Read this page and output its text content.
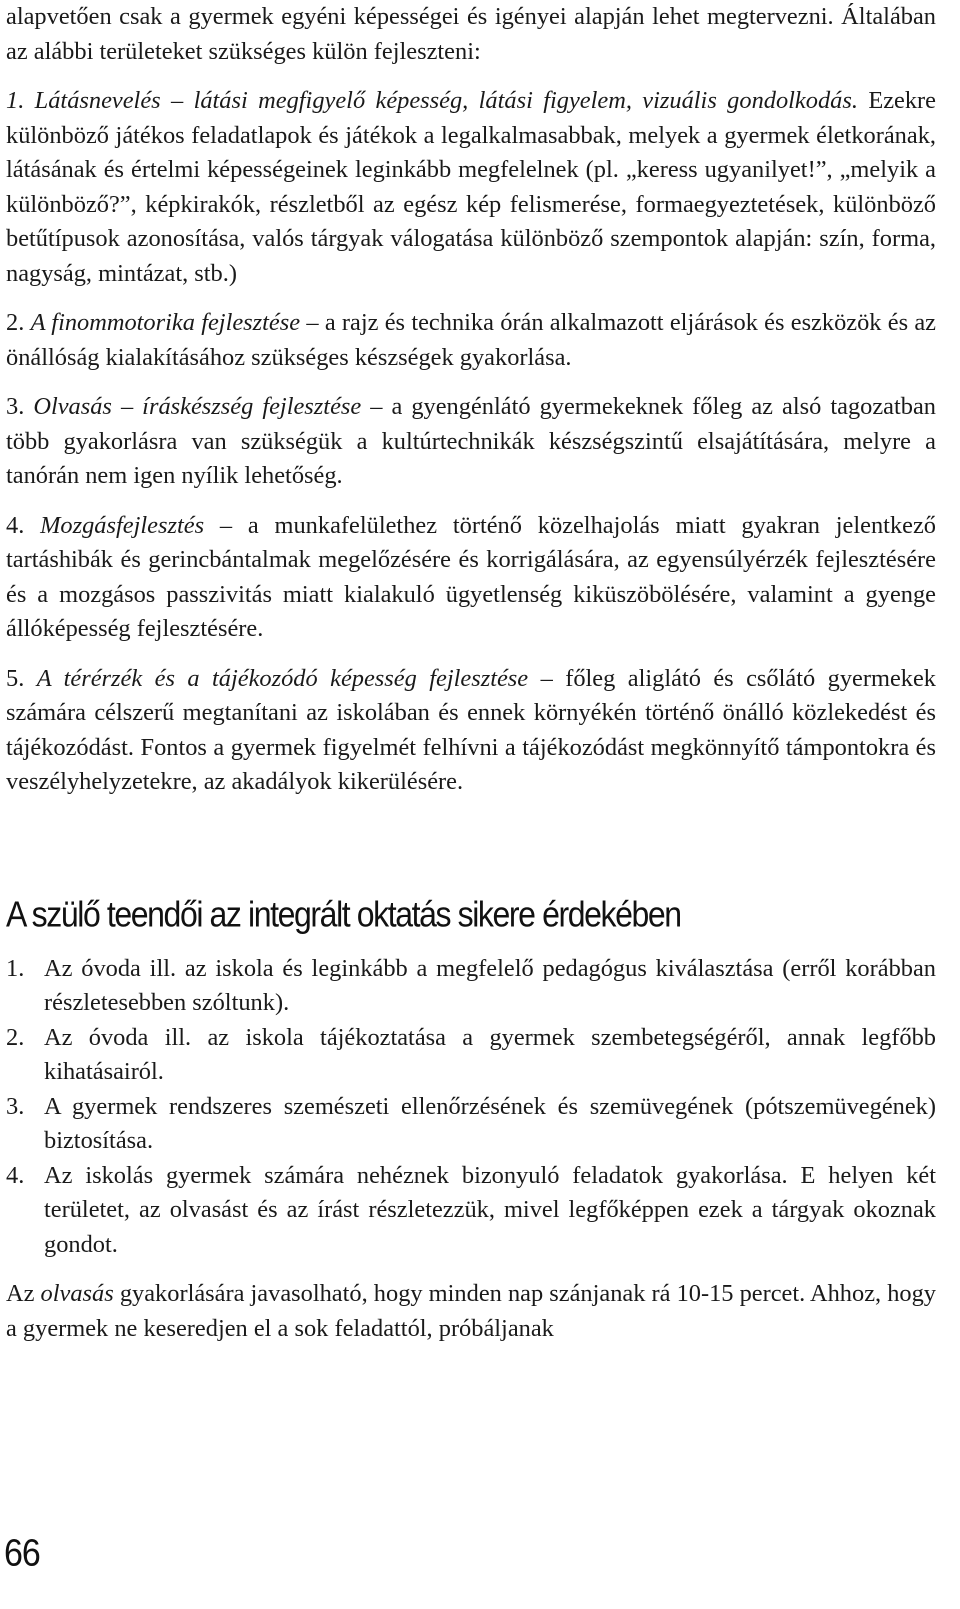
alapvetően csak a gyermek egyéni képességei és igényei alapján lehet megtervezni. Általában az alábbi területeket szükséges külön fejleszteni:

1. Látásnevelés – látási megfigyelő képesség, látási figyelem, vizuális gondolkodás. Ezekre különböző játékos feladatlapok és játékok a legalkalmasabbak, melyek a gyermek életkorának, látásának és értelmi képességeinek leginkább megfelelnek (pl. „keress ugyanilyet!”, „melyik a különböző?”, képkirakók, részletből az egész kép felismerése, formaegyeztetések, különböző betűtípusok azonosítása, valós tárgyak válogatása különböző szempontok alapján: szín, forma, nagyság, mintázat, stb.)

2. A finommotorika fejlesztése – a rajz és technika órán alkalmazott eljárások és eszközök és az önállóság kialakításához szükséges készségek gyakorlása.

3. Olvasás – íráskészség fejlesztése – a gyengénlátó gyermekeknek főleg az alsó tagozatban több gyakorlásra van szükségük a kultúrtechnikák készségszintű elsajátítására, melyre a tanórán nem igen nyílik lehetőség.

4. Mozgásfejlesztés – a munkafelülethez történő közelhajolás miatt gyakran jelentkező tartáshibák és gerincbántalmak megelőzésére és korrigálására, az egyensúlyérzék fejlesztésére és a mozgásos passzivitás miatt kialakuló ügyetlenség kiküszöbölésére, valamint a gyenge állóképesség fejlesztésére.

5. A térérzék és a tájékozódó képesség fejlesztése – főleg aliglátó és csőlátó gyermekek számára célszerű megtanítani az iskolában és ennek környékén történő önálló közlekedést és tájékozódást. Fontos a gyermek figyelmét felhívni a tájékozódást megkönnyítő támpontokra és veszélyhelyzetekre, az akadályok kikerülésére.

A szülő teendői az integrált oktatás sikere érdekében
1. Az óvoda ill. az iskola és leginkább a megfelelő pedagógus kiválasztása (erről korábban részletesebben szóltunk).
2. Az óvoda ill. az iskola tájékoztatása a gyermek szembetegségéről, annak legfőbb kihatásairól.
3. A gyermek rendszeres szemészeti ellenőrzésének és szemüvegének (pótszemüvegének) biztosítása.
4. Az iskolás gyermek számára nehéznek bizonyuló feladatok gyakorlása. E helyen két területet, az olvasást és az írást részletezzük, mivel legfőképpen ezek a tárgyak okoznak gondot.

Az olvasás gyakorlására javasolható, hogy minden nap szánjanak rá 10-15 percet. Ahhoz, hogy a gyermek ne keseredjen el a sok feladattól, próbáljanak

66
